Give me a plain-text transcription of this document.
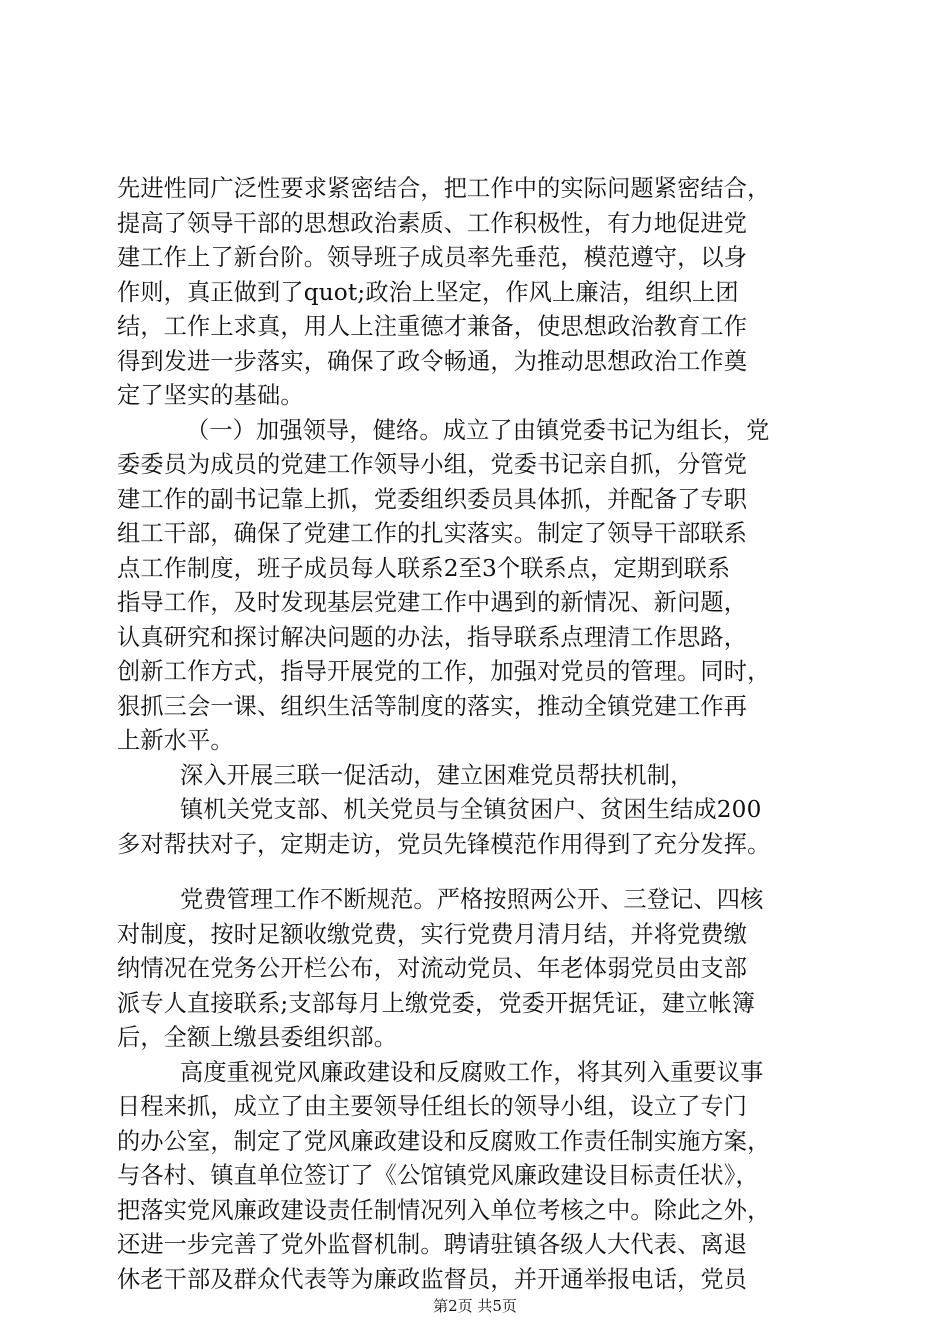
先进性同广泛性要求紧密结合，把工作中的实际问题紧密结合，
提高了领导干部的思想政治素质、工作积极性，有力地促进党
建工作上了新台阶。领导班子成员率先垂范，模范遵守，以身
作则，真正做到了quot;政治上坚定，作风上廉洁，组织上团
结，工作上求真，用人上注重德才兼备，使思想政治教育工作
得到发进一步落实，确保了政令畅通，为推动思想政治工作奠
定了坚实的基础。
（一）加强领导，健络。成立了由镇党委书记为组长，党
委委员为成员的党建工作领导小组，党委书记亲自抓，分管党
建工作的副书记靠上抓，党委组织委员具体抓，并配备了专职
组工干部，确保了党建工作的扎实落实。制定了领导干部联系
点工作制度，班子成员每人联系2至3个联系点，定期到联系
指导工作，及时发现基层党建工作中遇到的新情况、新问题，
认真研究和探讨解决问题的办法，指导联系点理清工作思路，
创新工作方式，指导开展党的工作，加强对党员的管理。同时，
狠抓三会一课、组织生活等制度的落实，推动全镇党建工作再
上新水平。
深入开展三联一促活动，建立困难党员帮扶机制，
镇机关党支部、机关党员与全镇贫困户、贫困生结成200
多对帮扶对子，定期走访，党员先锋模范作用得到了充分发挥。
党费管理工作不断规范。严格按照两公开、三登记、四核
对制度，按时足额收缴党费，实行党费月清月结，并将党费缴
纳情况在党务公开栏公布，对流动党员、年老体弱党员由支部
派专人直接联系;支部每月上缴党委，党委开据凭证，建立帐簿
后，全额上缴县委组织部。
高度重视党风廉政建设和反腐败工作，将其列入重要议事
日程来抓，成立了由主要领导任组长的领导小组，设立了专门
的办公室，制定了党风廉政建设和反腐败工作责任制实施方案，
与各村、镇直单位签订了《公馆镇党风廉政建设目标责任状》，
把落实党风廉政建设责任制情况列入单位考核之中。除此之外，
还进一步完善了党外监督机制。聘请驻镇各级人大代表、离退
休老干部及群众代表等为廉政监督员，并开通举报电话，党员
第2页 共5页
